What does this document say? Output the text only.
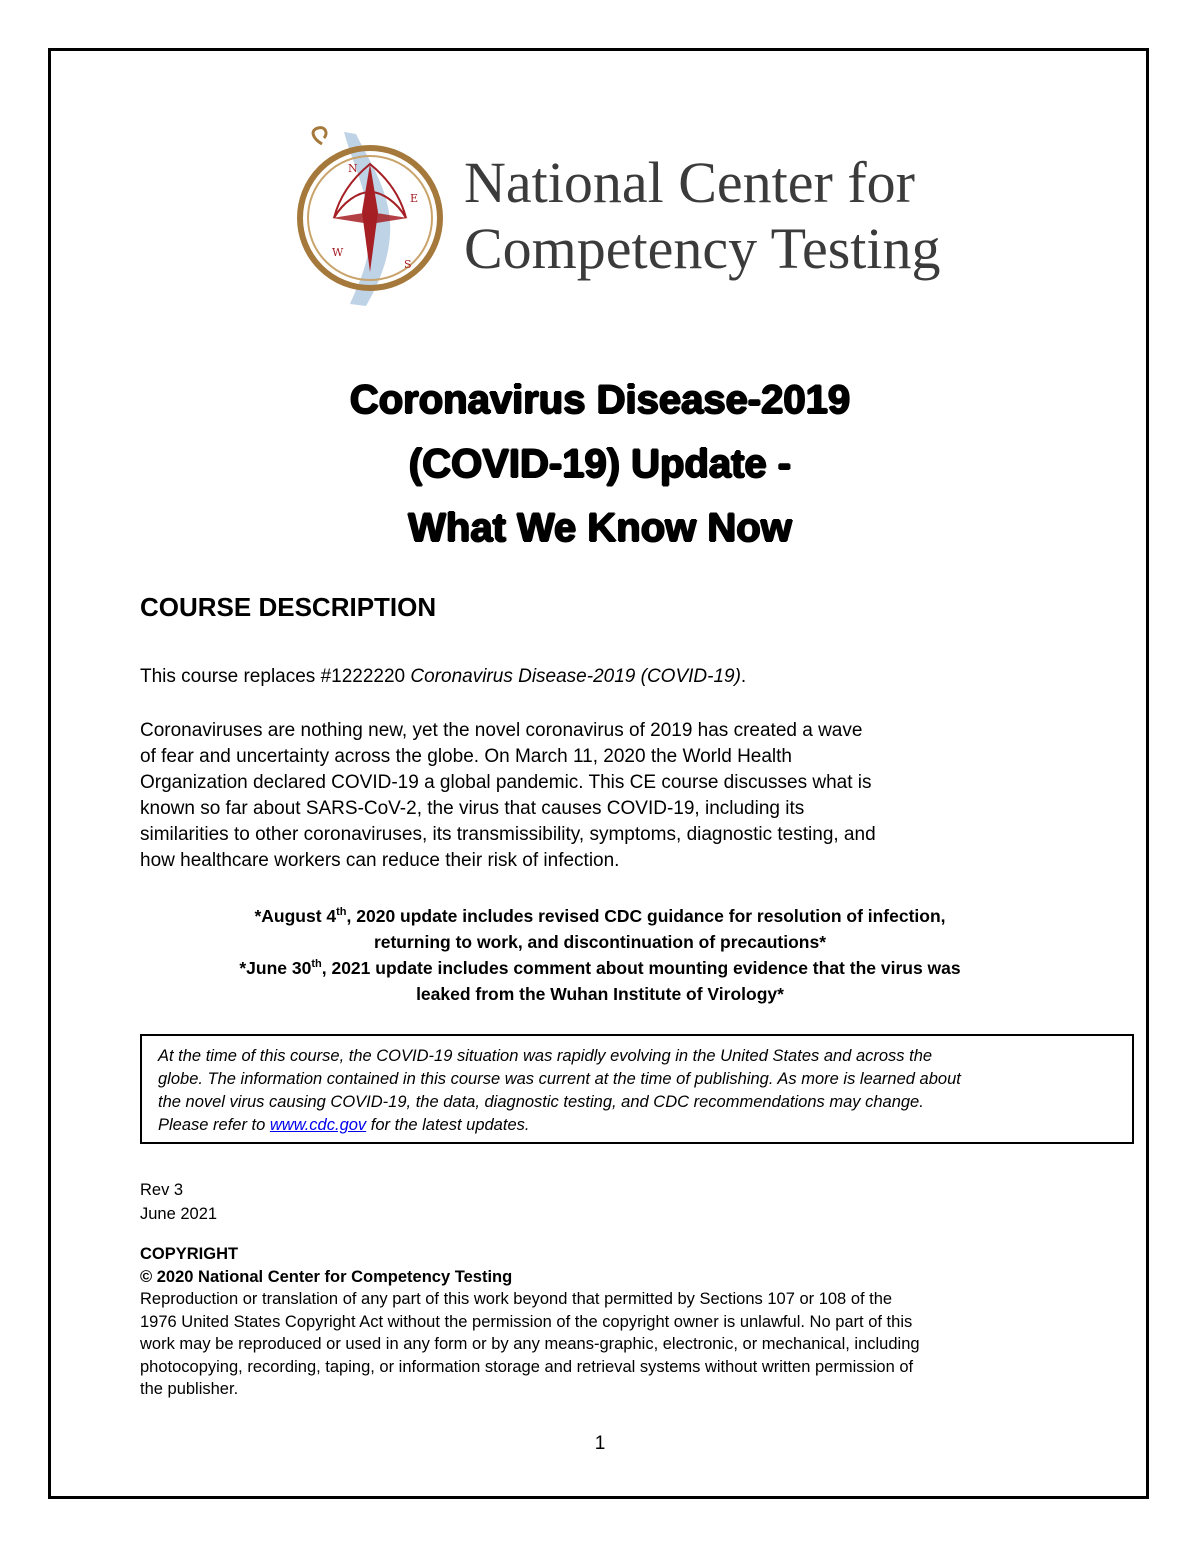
N
E
S
W
National Center for
Competency Testing
Coronavirus Disease-2019
(COVID-19) Update -
What We Know Now
COURSE DESCRIPTION
This course replaces #1222220 Coronavirus Disease-2019 (COVID-19).
Coronaviruses are nothing new, yet the novel coronavirus of 2019 has created a wave
of fear and uncertainty across the globe. On March 11, 2020 the World Health
Organization declared COVID-19 a global pandemic. This CE course discusses what is
known so far about SARS-CoV-2, the virus that causes COVID-19, including its
similarities to other coronaviruses, its transmissibility, symptoms, diagnostic testing, and
how healthcare workers can reduce their risk of infection.
*August 4th, 2020 update includes revised CDC guidance for resolution of infection,
returning to work, and discontinuation of precautions*
*June 30th, 2021 update includes comment about mounting evidence that the virus was
leaked from the Wuhan Institute of Virology*
At the time of this course, the COVID-19 situation was rapidly evolving in the United States and across the
globe. The information contained in this course was current at the time of publishing. As more is learned about
the novel virus causing COVID-19, the data, diagnostic testing, and CDC recommendations may change.
Please refer to www.cdc.gov for the latest updates.
Rev 3
June 2021
COPYRIGHT
© 2020 National Center for Competency Testing
Reproduction or translation of any part of this work beyond that permitted by Sections 107 or 108 of the
1976 United States Copyright Act without the permission of the copyright owner is unlawful. No part of this
work may be reproduced or used in any form or by any means-graphic, electronic, or mechanical, including
photocopying, recording, taping, or information storage and retrieval systems without written permission of
the publisher.
1
